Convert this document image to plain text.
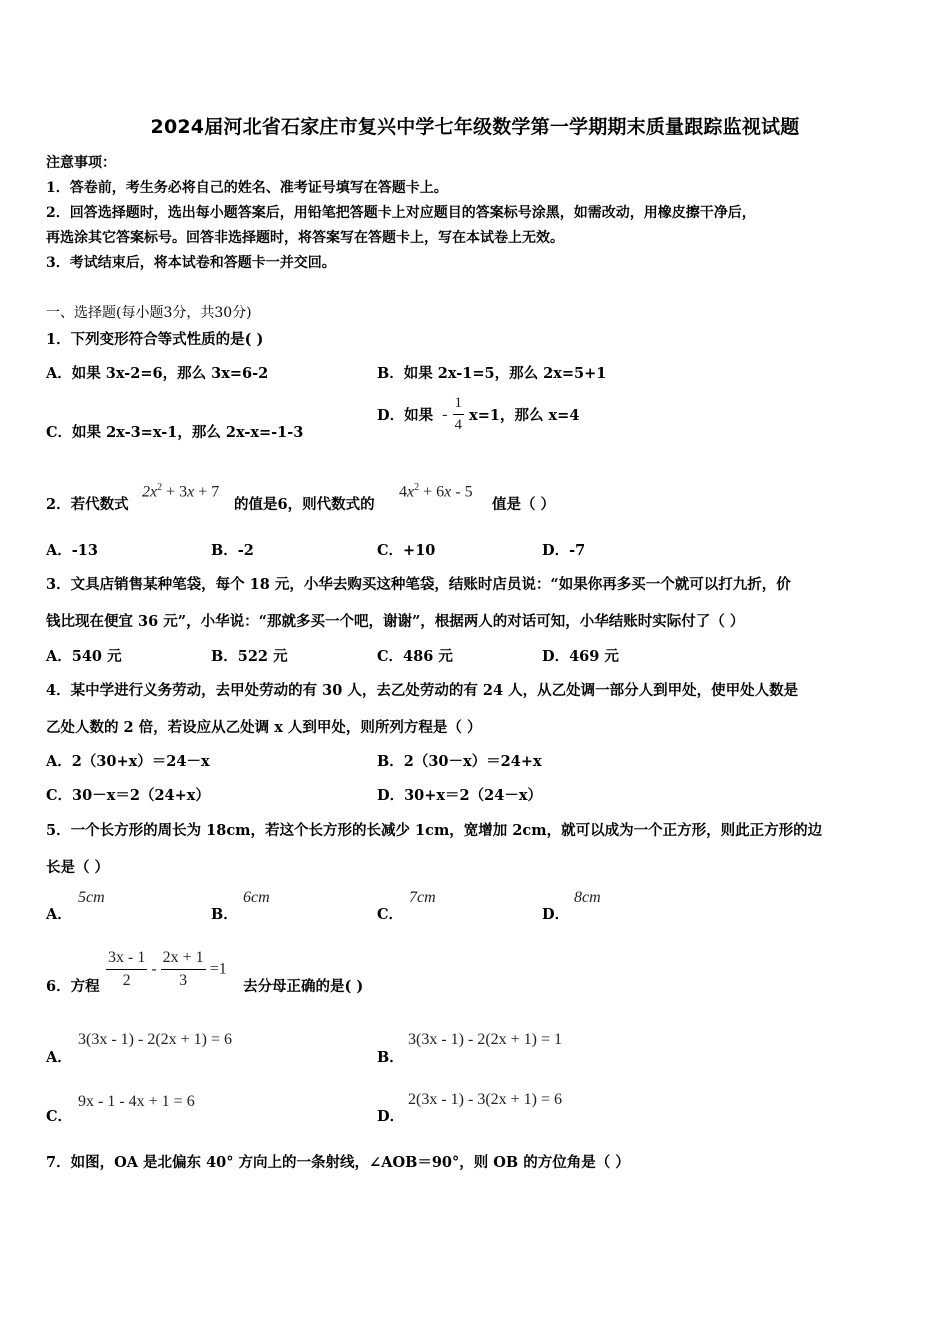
2024届河北省石家庄市复兴中学七年级数学第一学期期末质量跟踪监视试题
注意事项：
1．答卷前，考生务必将自己的姓名、准考证号填写在答题卡上。
2．回答选择题时，选出每小题答案后，用铅笔把答题卡上对应题目的答案标号涂黑，如需改动，用橡皮擦干净后，
再选涂其它答案标号。回答非选择题时，将答案写在答题卡上，写在本试卷上无效。
3．考试结束后，将本试卷和答题卡一并交回。
一、选择题(每小题3分，共30分)
1．下列变形符合等式性质的是( )
A．如果 3x-2=6，那么 3x=6-2	B．如果 2x-1=5，那么 2x=5+1
C．如果 2x-3=x-1，那么 2x-x=-1-3
D．如果 - $\frac{1}{4} x=1$，那么 x=4
2．若代数式
$2x^2 + 3x + 7$
的值是6，则代数式的
$4x^2 + 6x - 5$
值是（ ）
A．-13	B．-2	C．+10	D．-7
3．文具店销售某种笔袋，每个 18 元，小华去购买这种笔袋，结账时店员说：“如果你再多买一个就可以打九折，价
钱比现在便宜 36 元”，小华说：“那就多买一个吧，谢谢”，根据两人的对话可知，小华结账时实际付了（ ）
A．540 元	B．522 元	C．486 元	D．469 元
4．某中学进行义务劳动，去甲处劳动的有 30 人，去乙处劳动的有 24 人，从乙处调一部分人到甲处，使甲处人数是
乙处人数的 2 倍，若设应从乙处调 x 人到甲处，则所列方程是（ ）
A．2（30+x）＝24－x	B．2（30－x）＝24+x
C．30－x＝2（24+x）	D．30+x＝2（24－x）
5．一个长方形的周长为 18cm，若这个长方形的长减少 1cm，宽增加 2cm，就可以成为一个正方形，则此正方形的边
长是（ ）
A．
5cm
B．
6cm
C．
7cm
D．
8cm
6．方程 $\frac{3x - 1}{2} - \frac{2x + 1}{3} =1$
去分母正确的是( )
A．
3(3x - 1) - 2(2x + 1) = 6
B．
3(3x - 1) - 2(2x + 1) = 1
C．
9x - 1 - 4x + 1 = 6
D．
2(3x - 1) - 3(2x + 1) = 6
7．如图，OA 是北偏东 40° 方向上的一条射线，∠AOB＝90°，则 OB 的方位角是（ ）
